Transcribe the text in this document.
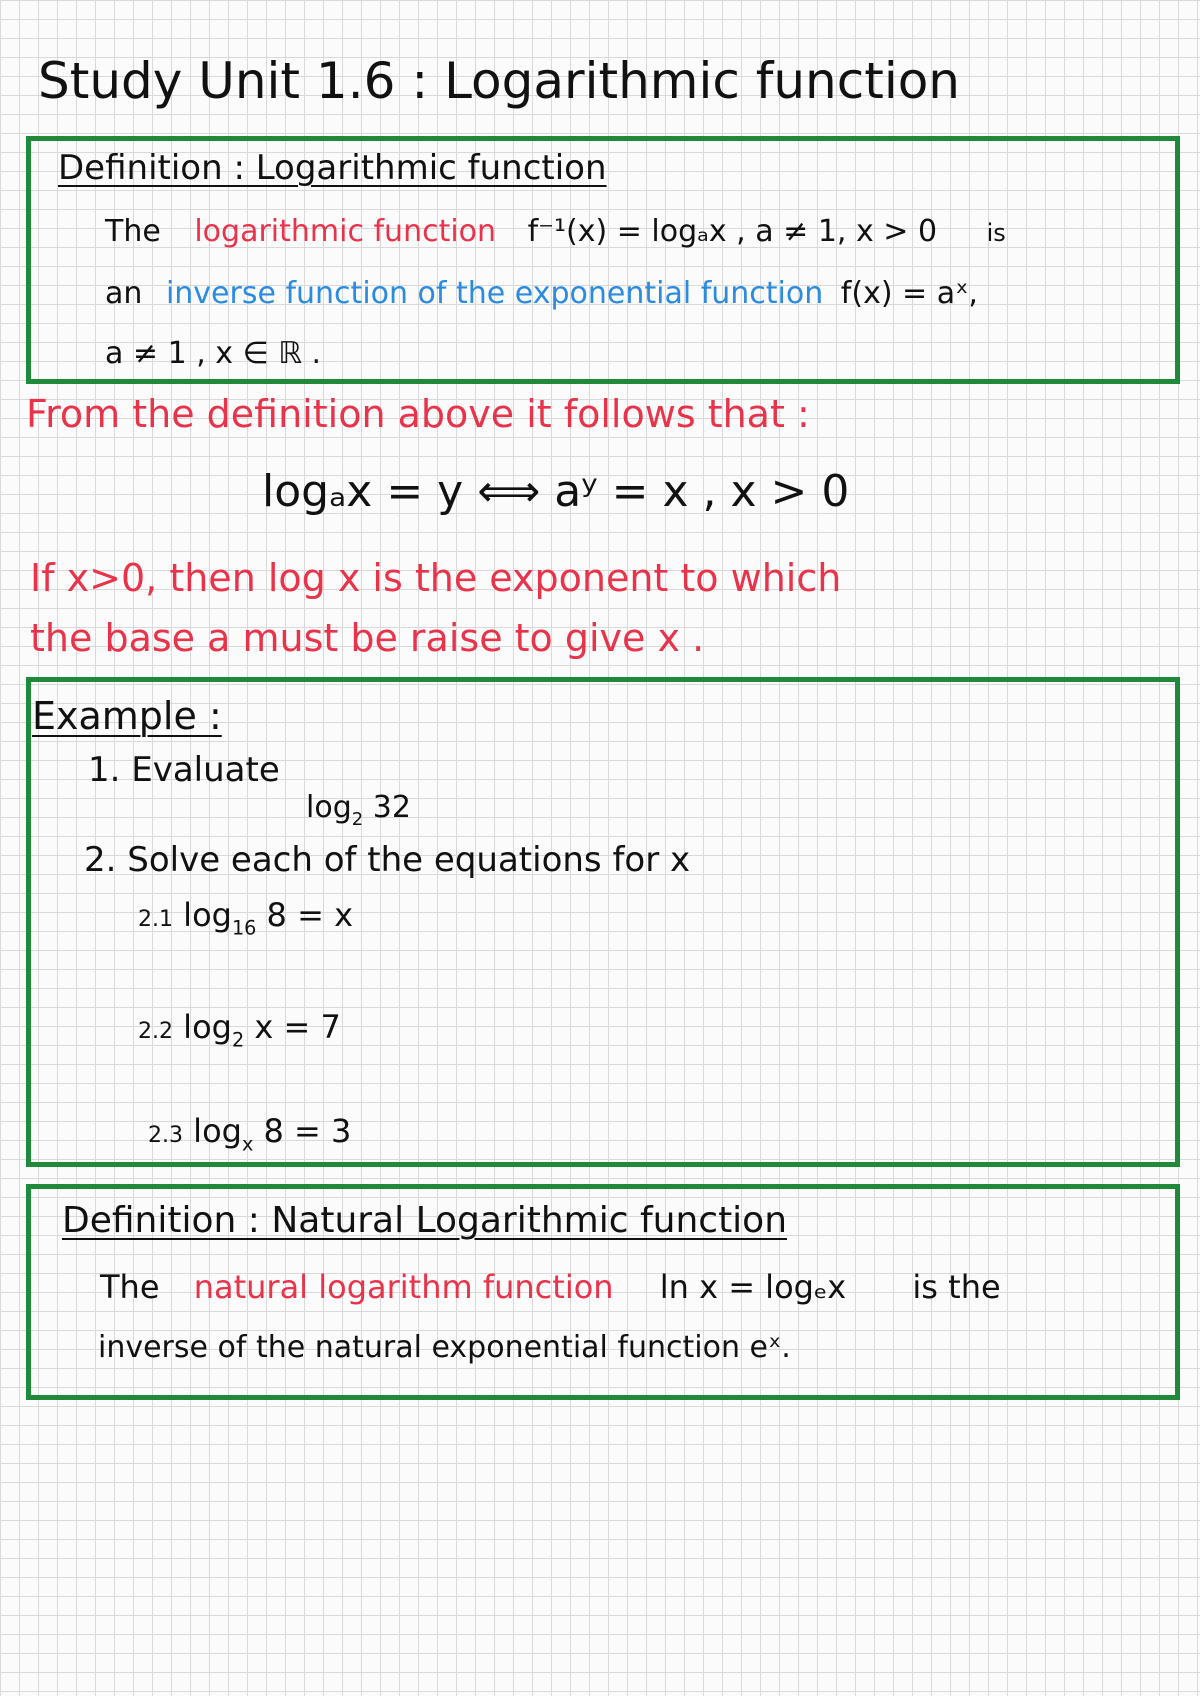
Study Unit 1.6 : Logarithmic function
Definition : Logarithmic function
The logarithmic function f⁻¹(x) = logₐx , a ≠ 1, x > 0 is
an inverse function of the exponential function f(x) = aˣ,
a ≠ 1 , x ∈ ℝ .
From the definition above it follows that :
logₐx = y ⟺ aʸ = x , x > 0
If x>0, then log x is the exponent to which
the base a must be raise to give x .
Example :
1. Evaluate
$\log_2 32$
2. Solve each of the equations for x
2.1 $\log_{16} 8 = x$
2.2 $\log_2 x = 7$
2.3 $\log_x 8 = 3$
Definition : Natural Logarithmic function
The natural logarithm function ln x = logₑx is the
inverse of the natural exponential function eˣ.
